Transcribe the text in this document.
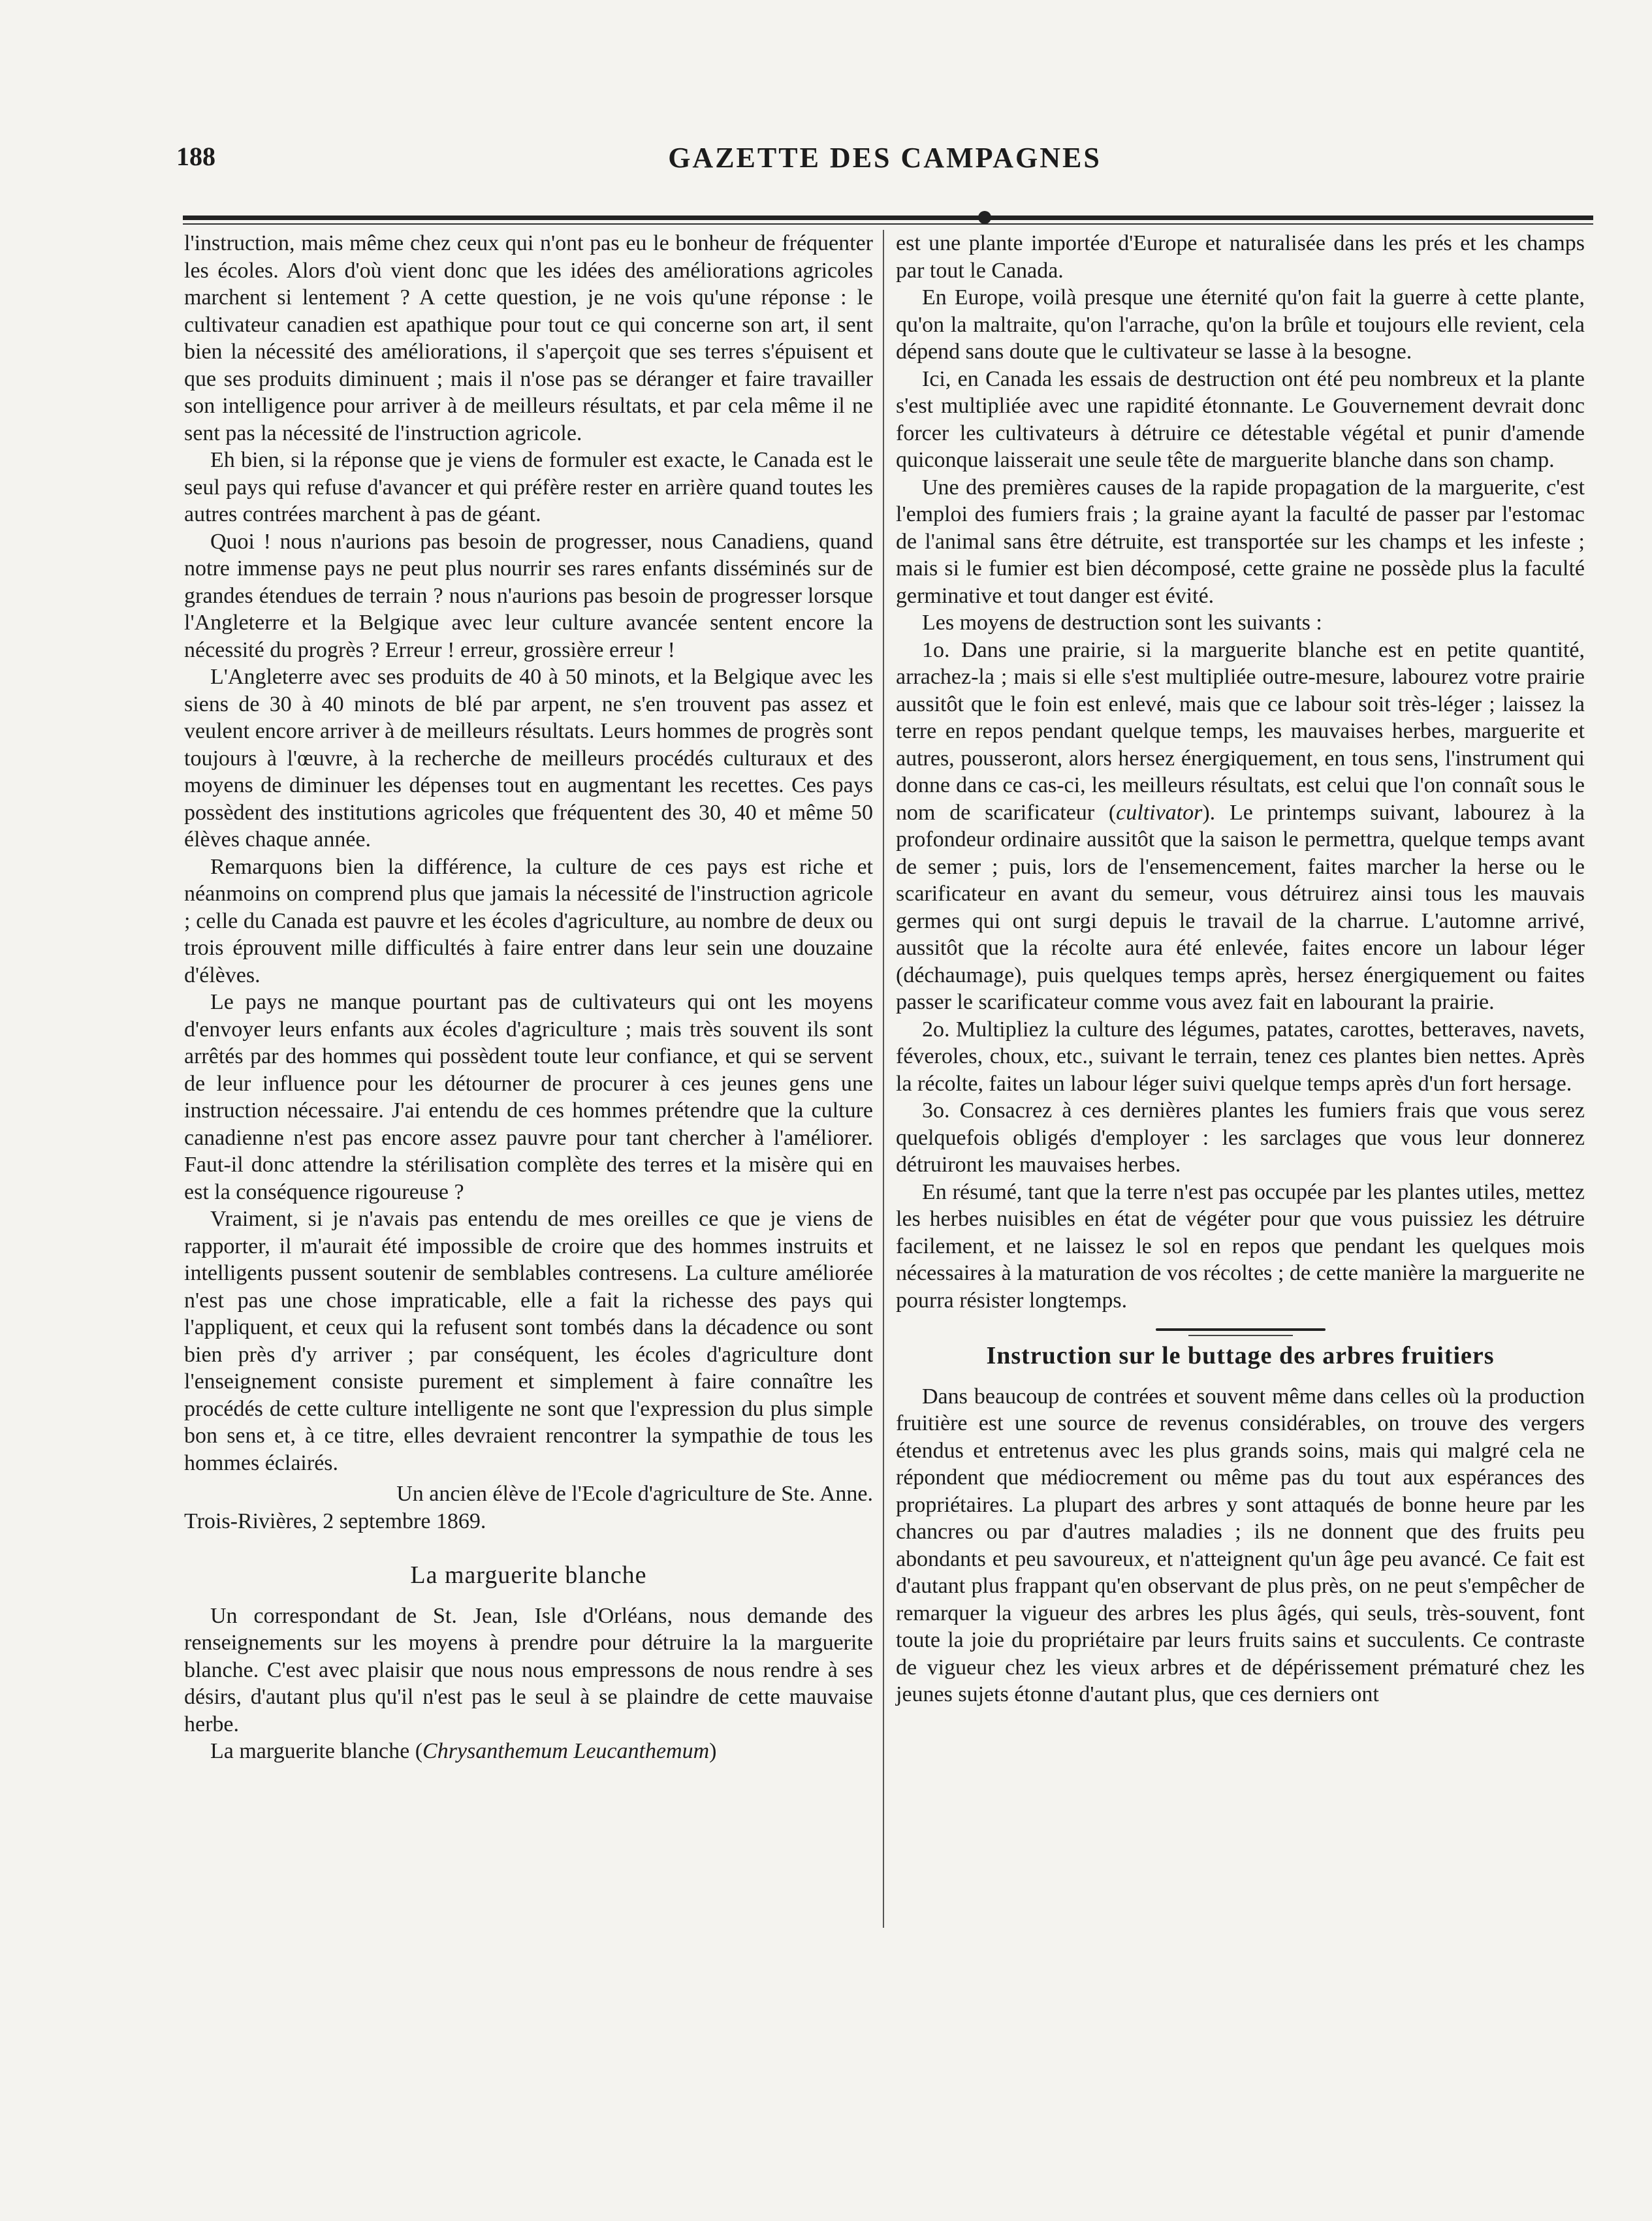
188	GAZETTE DES CAMPAGNES

l'instruction, mais même chez ceux qui n'ont pas eu le bonheur de fréquenter les écoles. Alors d'où vient donc que les idées des améliorations agricoles marchent si lentement ? A cette question, je ne vois qu'une réponse : le cultivateur canadien est apathique pour tout ce qui concerne son art, il sent bien la nécessité des améliorations, il s'aperçoit que ses terres s'épuisent et que ses produits diminuent ; mais il n'ose pas se déranger et faire travailler son intelligence pour arriver à de meilleurs résultats, et par cela même il ne sent pas la nécessité de l'instruction agricole.

Eh bien, si la réponse que je viens de formuler est exacte, le Canada est le seul pays qui refuse d'avancer et qui préfère rester en arrière quand toutes les autres contrées marchent à pas de géant.

Quoi ! nous n'aurions pas besoin de progresser, nous Canadiens, quand notre immense pays ne peut plus nourrir ses rares enfants disséminés sur de grandes étendues de terrain ? nous n'aurions pas besoin de progresser lorsque l'Angleterre et la Belgique avec leur culture avancée sentent encore la nécessité du progrès ? Erreur ! erreur, grossière erreur !

L'Angleterre avec ses produits de 40 à 50 minots, et la Belgique avec les siens de 30 à 40 minots de blé par arpent, ne s'en trouvent pas assez et veulent encore arriver à de meilleurs résultats. Leurs hommes de progrès sont toujours à l'œuvre, à la recherche de meilleurs procédés culturaux et des moyens de diminuer les dépenses tout en augmentant les recettes. Ces pays possèdent des institutions agricoles que fréquentent des 30, 40 et même 50 élèves chaque année.

Remarquons bien la différence, la culture de ces pays est riche et néanmoins on comprend plus que jamais la nécessité de l'instruction agricole ; celle du Canada est pauvre et les écoles d'agriculture, au nombre de deux ou trois éprouvent mille difficultés à faire entrer dans leur sein une douzaine d'élèves.

Le pays ne manque pourtant pas de cultivateurs qui ont les moyens d'envoyer leurs enfants aux écoles d'agriculture ; mais très souvent ils sont arrêtés par des hommes qui possèdent toute leur confiance, et qui se servent de leur influence pour les détourner de procurer à ces jeunes gens une instruction nécessaire. J'ai entendu de ces hommes prétendre que la culture canadienne n'est pas encore assez pauvre pour tant chercher à l'améliorer. Faut-il donc attendre la stérilisation complète des terres et la misère qui en est la conséquence rigoureuse ?

Vraiment, si je n'avais pas entendu de mes oreilles ce que je viens de rapporter, il m'aurait été impossible de croire que des hommes instruits et intelligents pussent soutenir de semblables contresens. La culture améliorée n'est pas une chose impraticable, elle a fait la richesse des pays qui l'appliquent, et ceux qui la refusent sont tombés dans la décadence ou sont bien près d'y arriver ; par conséquent, les écoles d'agriculture dont l'enseignement consiste purement et simplement à faire connaître les procédés de cette culture intelligente ne sont que l'expression du plus simple bon sens et, à ce titre, elles devraient rencontrer la sympathie de tous les hommes éclairés.

Un ancien élève de l'Ecole d'agriculture de Ste. Anne.

Trois-Rivières, 2 septembre 1869.

La marguerite blanche

Un correspondant de St. Jean, Isle d'Orléans, nous demande des renseignements sur les moyens à prendre pour détruire la la marguerite blanche. C'est avec plaisir que nous nous empressons de nous rendre à ses désirs, d'autant plus qu'il n'est pas le seul à se plaindre de cette mauvaise herbe.

La marguerite blanche (Chrysanthemum Leucanthemum)

est une plante importée d'Europe et naturalisée dans les prés et les champs par tout le Canada.

En Europe, voilà presque une éternité qu'on fait la guerre à cette plante, qu'on la maltraite, qu'on l'arrache, qu'on la brûle et toujours elle revient, cela dépend sans doute que le cultivateur se lasse à la besogne.

Ici, en Canada les essais de destruction ont été peu nombreux et la plante s'est multipliée avec une rapidité étonnante. Le Gouvernement devrait donc forcer les cultivateurs à détruire ce détestable végétal et punir d'amende quiconque laisserait une seule tête de marguerite blanche dans son champ.

Une des premières causes de la rapide propagation de la marguerite, c'est l'emploi des fumiers frais ; la graine ayant la faculté de passer par l'estomac de l'animal sans être détruite, est transportée sur les champs et les infeste ; mais si le fumier est bien décomposé, cette graine ne possède plus la faculté germinative et tout danger est évité.

Les moyens de destruction sont les suivants :

1o. Dans une prairie, si la marguerite blanche est en petite quantité, arrachez-la ; mais si elle s'est multipliée outre-mesure, labourez votre prairie aussitôt que le foin est enlevé, mais que ce labour soit très-léger ; laissez la terre en repos pendant quelque temps, les mauvaises herbes, marguerite et autres, pousseront, alors hersez énergiquement, en tous sens, l'instrument qui donne dans ce cas-ci, les meilleurs résultats, est celui que l'on connaît sous le nom de scarificateur (cultivator). Le printemps suivant, labourez à la profondeur ordinaire aussitôt que la saison le permettra, quelque temps avant de semer ; puis, lors de l'ensemencement, faites marcher la herse ou le scarificateur en avant du semeur, vous détruirez ainsi tous les mauvais germes qui ont surgi depuis le travail de la charrue. L'automne arrivé, aussitôt que la récolte aura été enlevée, faites encore un labour léger (déchaumage), puis quelques temps après, hersez énergiquement ou faites passer le scarificateur comme vous avez fait en labourant la prairie.

2o. Multipliez la culture des légumes, patates, carottes, betteraves, navets, féveroles, choux, etc., suivant le terrain, tenez ces plantes bien nettes. Après la récolte, faites un labour léger suivi quelque temps après d'un fort hersage.

3o. Consacrez à ces dernières plantes les fumiers frais que vous serez quelquefois obligés d'employer : les sarclages que vous leur donnerez détruiront les mauvaises herbes.

En résumé, tant que la terre n'est pas occupée par les plantes utiles, mettez les herbes nuisibles en état de végéter pour que vous puissiez les détruire facilement, et ne laissez le sol en repos que pendant les quelques mois nécessaires à la maturation de vos récoltes ; de cette manière la marguerite ne pourra résister longtemps.

Instruction sur le buttage des arbres fruitiers

Dans beaucoup de contrées et souvent même dans celles où la production fruitière est une source de revenus considérables, on trouve des vergers étendus et entretenus avec les plus grands soins, mais qui malgré cela ne répondent que médiocrement ou même pas du tout aux espérances des propriétaires. La plupart des arbres y sont attaqués de bonne heure par les chancres ou par d'autres maladies ; ils ne donnent que des fruits peu abondants et peu savoureux, et n'atteignent qu'un âge peu avancé. Ce fait est d'autant plus frappant qu'en observant de plus près, on ne peut s'empêcher de remarquer la vigueur des arbres les plus âgés, qui seuls, très-souvent, font toute la joie du propriétaire par leurs fruits sains et succulents. Ce contraste de vigueur chez les vieux arbres et de dépérissement prématuré chez les jeunes sujets étonne d'autant plus, que ces derniers ont
